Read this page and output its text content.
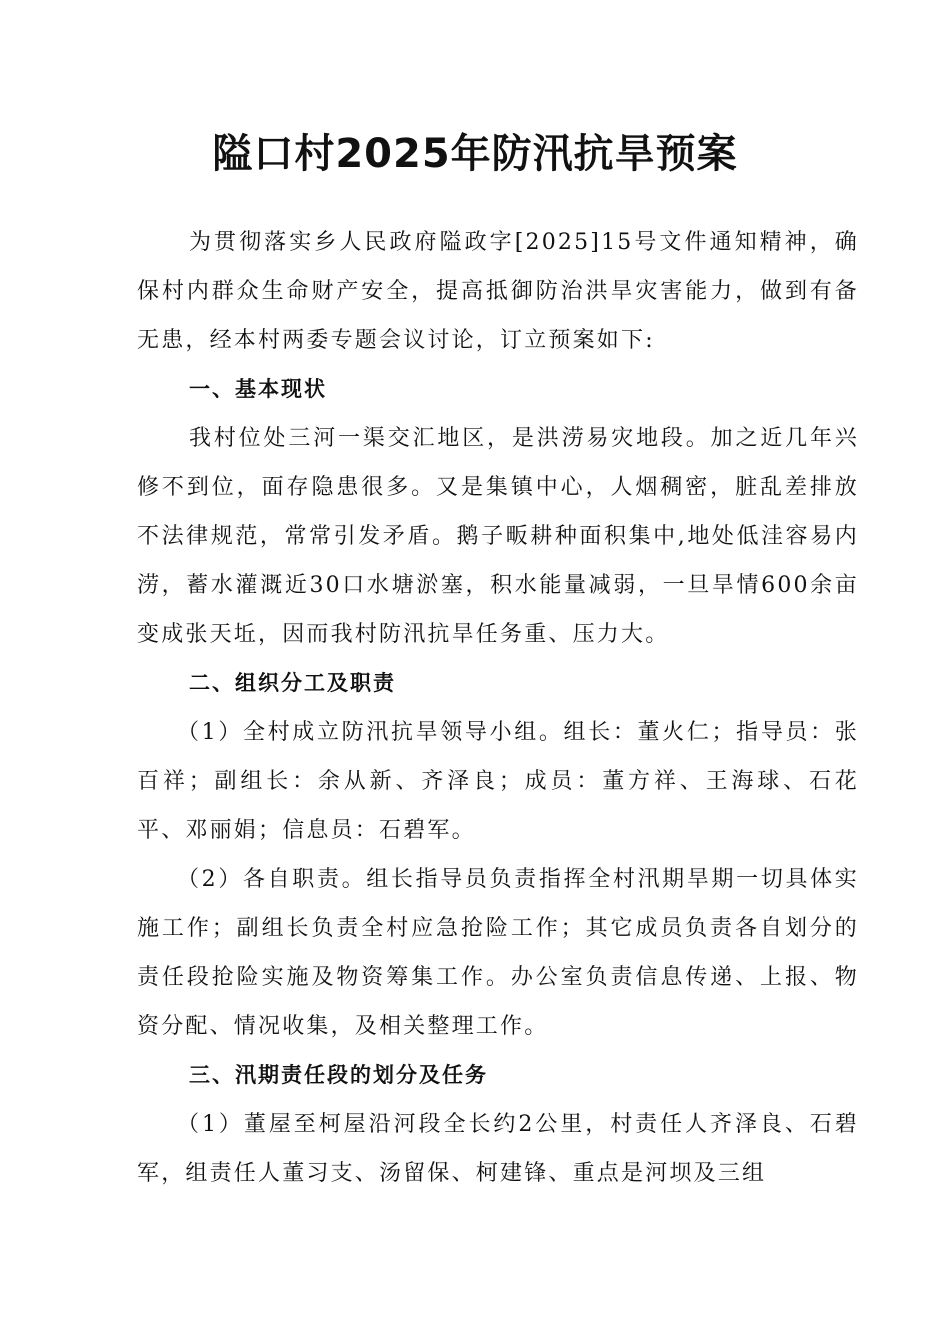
隘口村2025年防汛抗旱预案

为贯彻落实乡人民政府隘政字[2025]15号文件通知精神，确保村内群众生命财产安全，提高抵御防治洪旱灾害能力，做到有备无患，经本村两委专题会议讨论，订立预案如下:

一、基本现状

我村位处三河一渠交汇地区，是洪涝易灾地段。加之近几年兴修不到位，面存隐患很多。又是集镇中心，人烟稠密，脏乱差排放不法律规范，常常引发矛盾。鹅子畈耕种面积集中,地处低洼容易内涝，蓄水灌溉近30口水塘淤塞，积水能量减弱，一旦旱情600余亩变成张天坵，因而我村防汛抗旱任务重、压力大。

二、组织分工及职责

（1）全村成立防汛抗旱领导小组。组长：董火仁；指导员：张百祥；副组长：余从新、齐泽良；成员：董方祥、王海球、石花平、邓丽娟；信息员：石碧军。

（2）各自职责。组长指导员负责指挥全村汛期旱期一切具体实施工作；副组长负责全村应急抢险工作；其它成员负责各自划分的责任段抢险实施及物资筹集工作。办公室负责信息传递、上报、物资分配、情况收集，及相关整理工作。

三、汛期责任段的划分及任务

（1）董屋至柯屋沿河段全长约2公里，村责任人齐泽良、石碧军，组责任人董习支、汤留保、柯建锋、重点是河坝及三组
